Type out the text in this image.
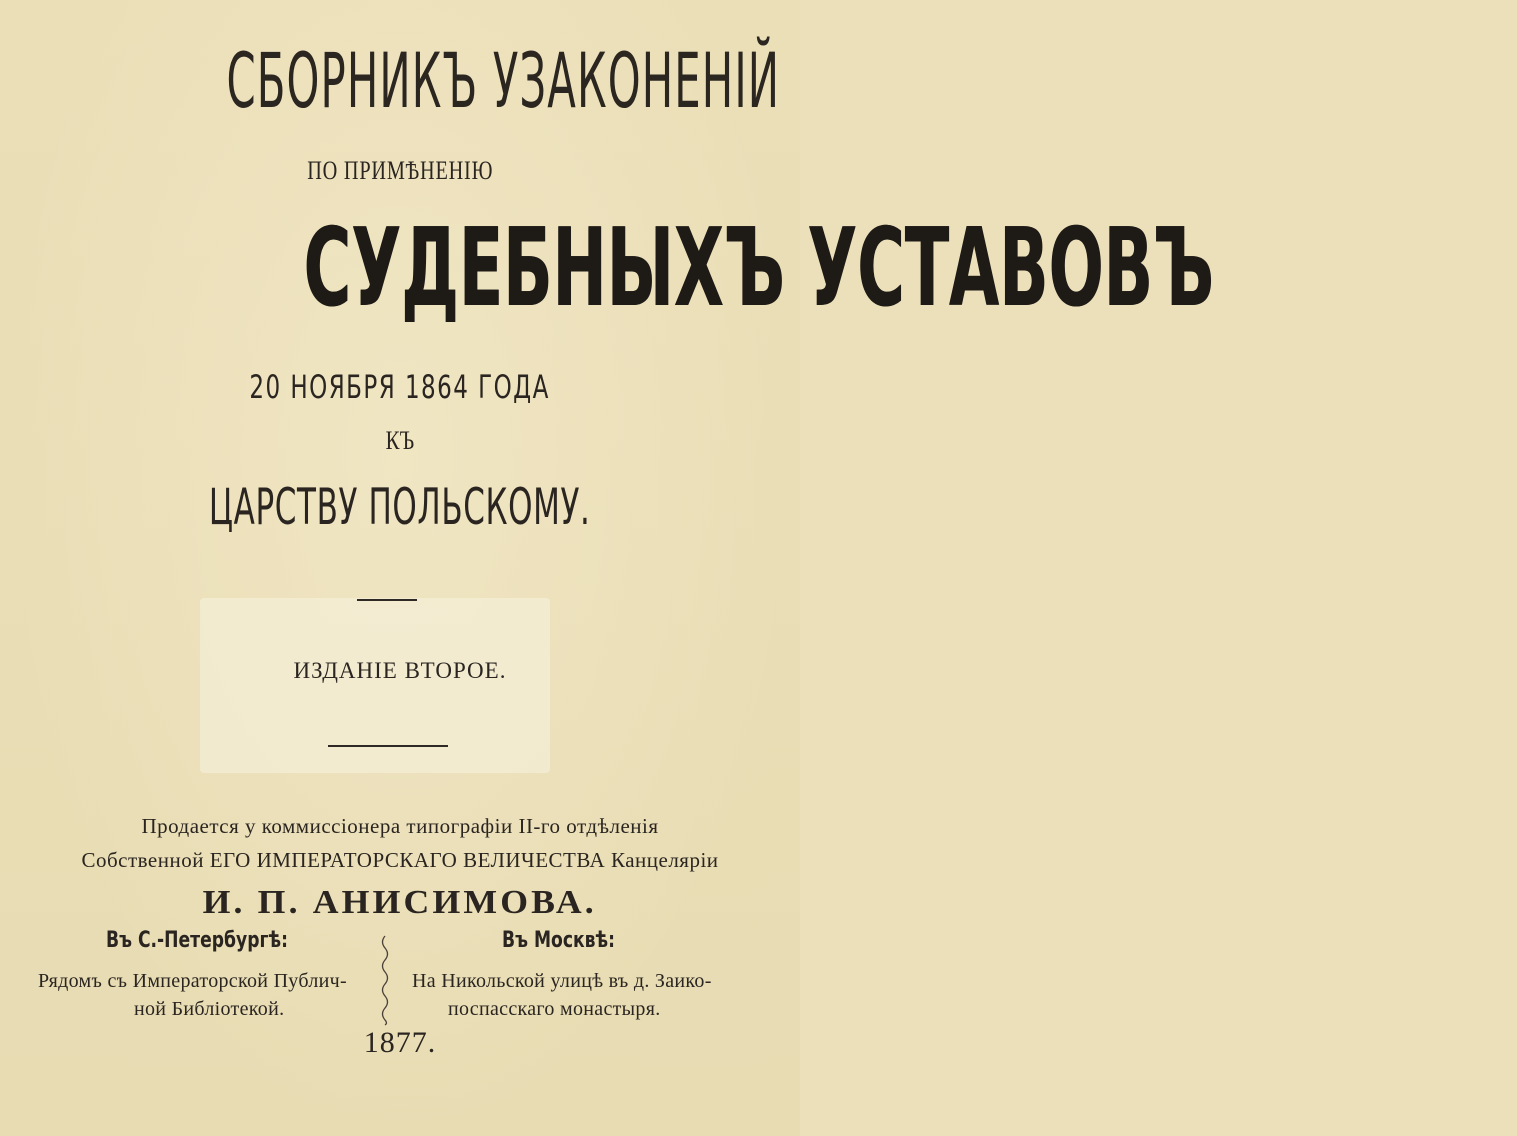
СБОРНИКЪ УЗАКОНЕНІЙ
ПО ПРИМѢНЕНІЮ
СУДЕБНЫХЪ УСТАВОВЪ
20 НОЯБРЯ 1864 ГОДА
КЪ
ЦАРСТВУ ПОЛЬСКОМУ.
ИЗДАНІЕ ВТОРОЕ.
Продается у коммиссіонера типографіи II-го отдѣленія
Собственной ЕГО ИМПЕРАТОРСКАГО ВЕЛИЧЕСТВА Канцеляріи
И. П. АНИСИМОВА.
Въ С.-Петербургѣ:	Въ Москвѣ:
Рядомъ съ Императорской Публич-
ной Библіотекой.
На Никольской улицѣ въ д. Заико-
поспасскаго монастыря.
1877.
